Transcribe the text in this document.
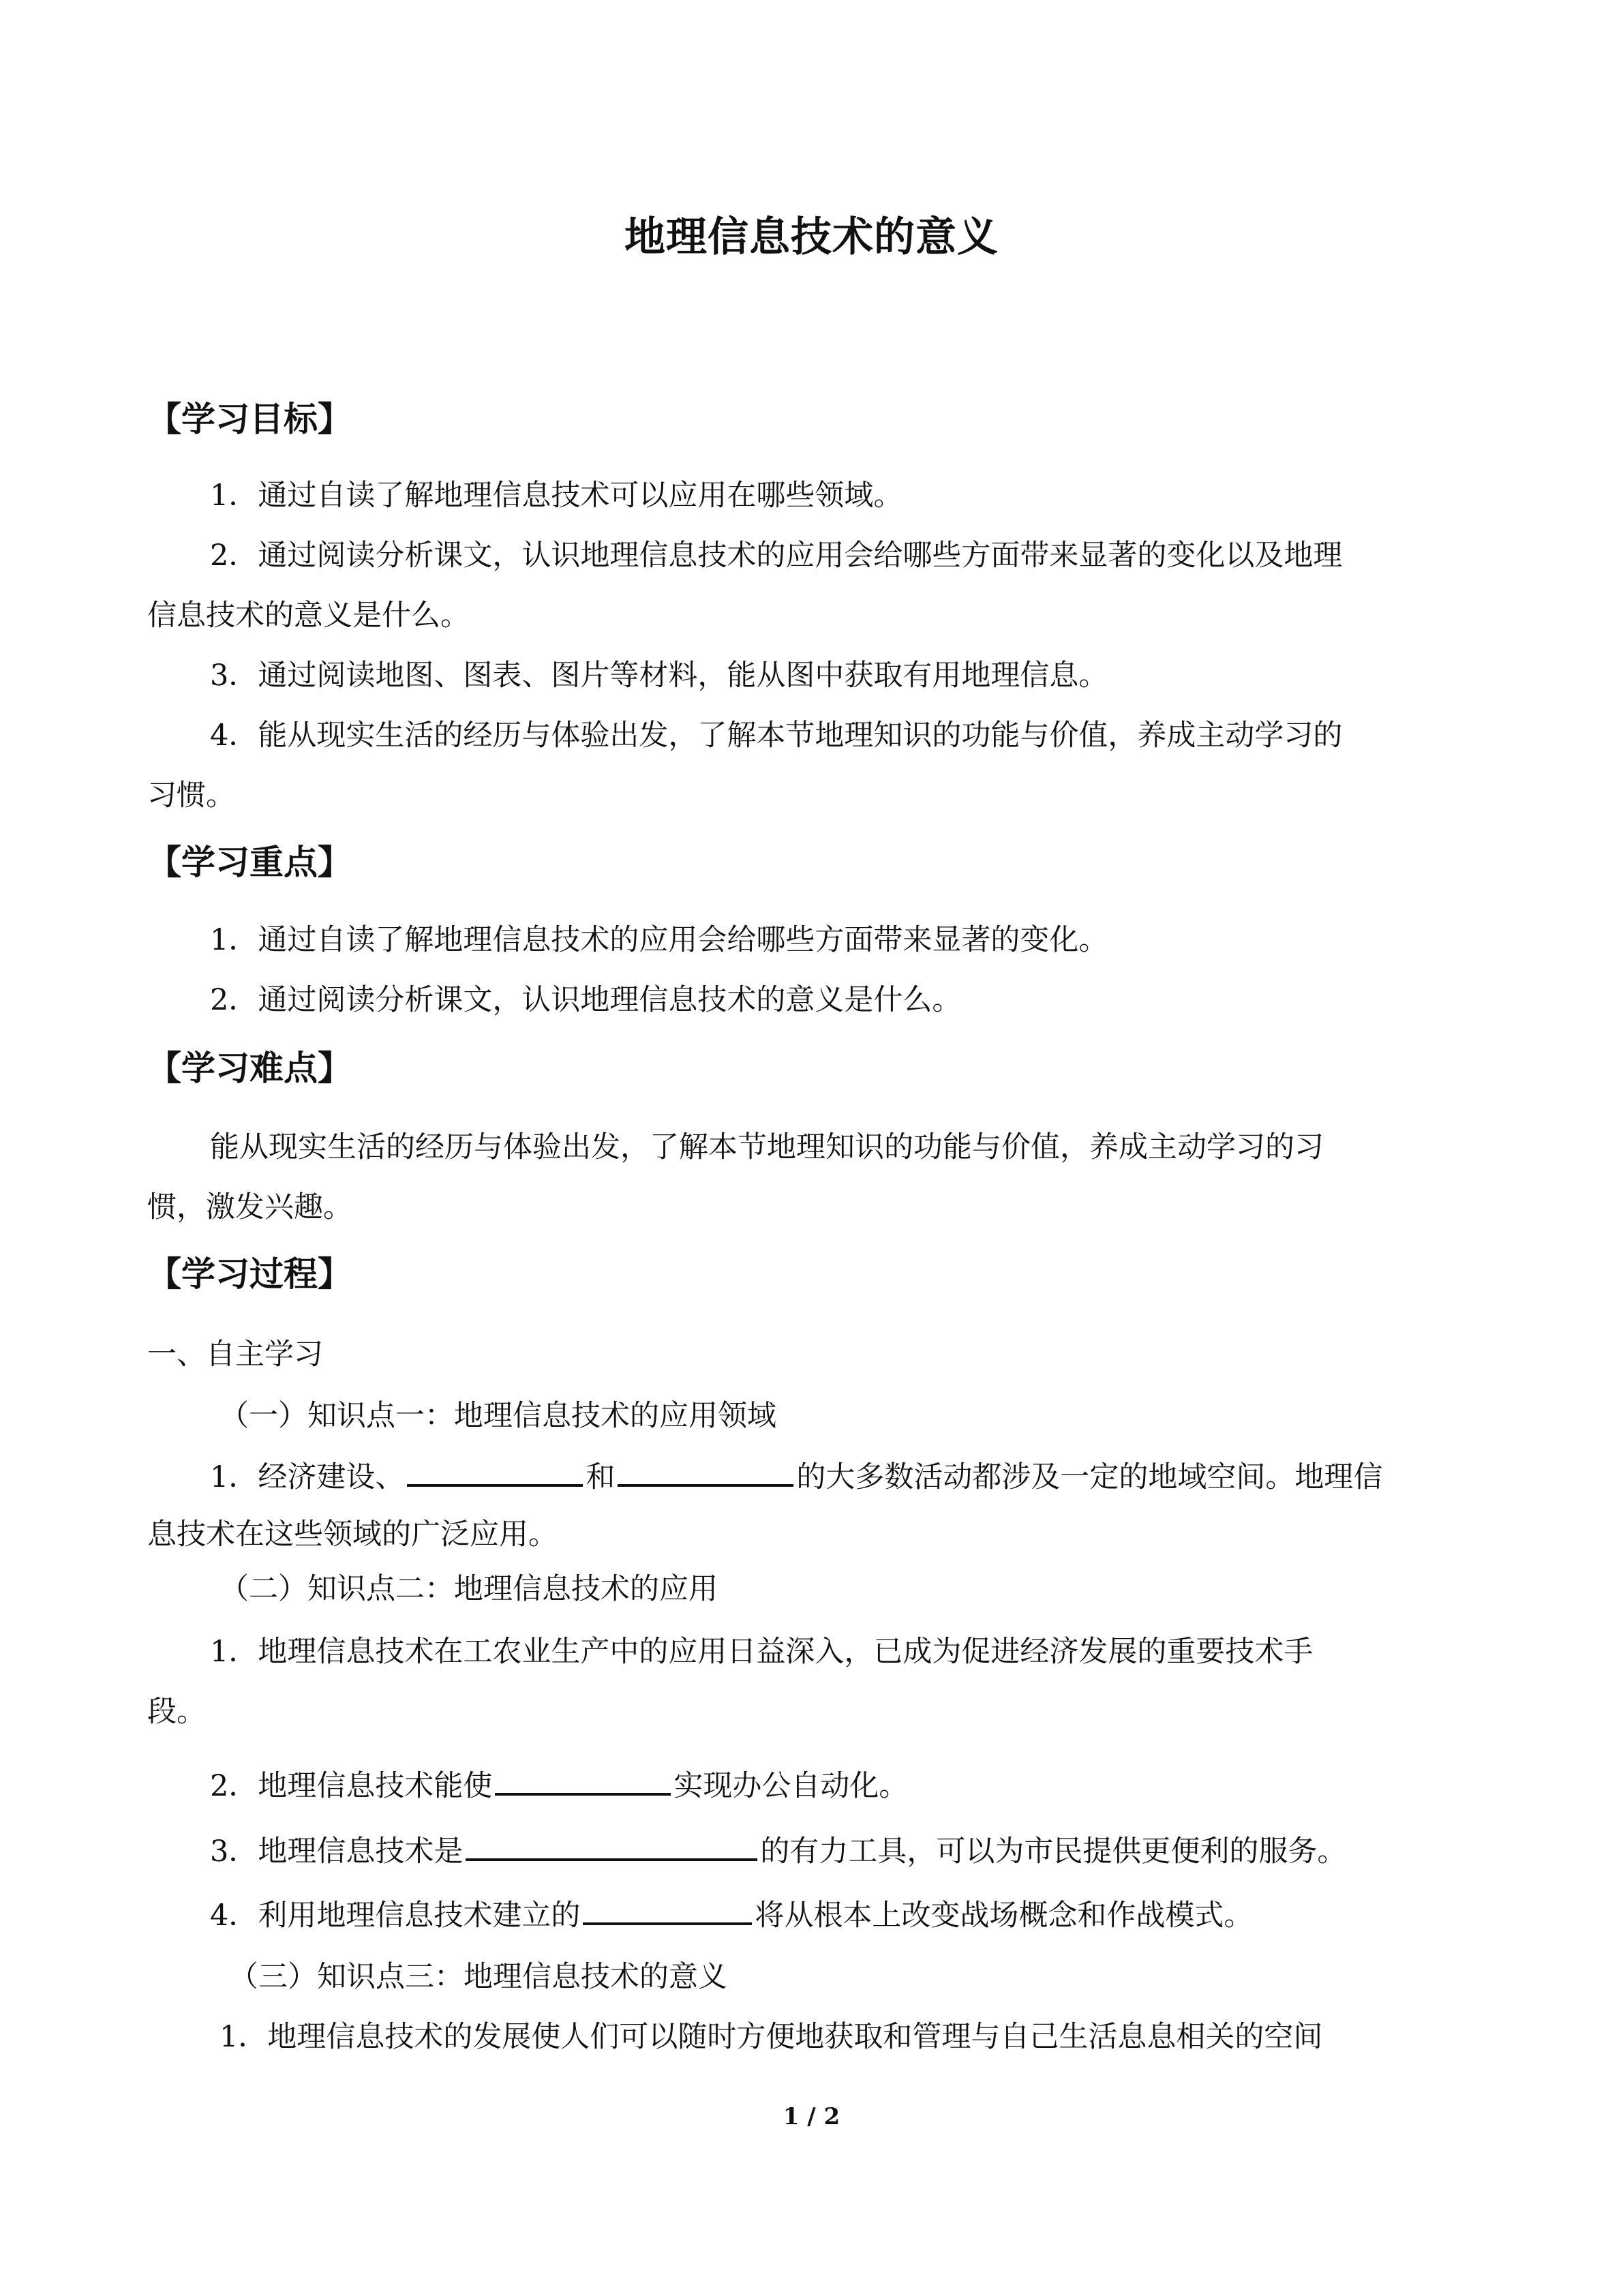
地理信息技术的意义
【学习目标】
1．通过自读了解地理信息技术可以应用在哪些领域。
2．通过阅读分析课文，认识地理信息技术的应用会给哪些方面带来显著的变化以及地理
信息技术的意义是什么。
3．通过阅读地图、图表、图片等材料，能从图中获取有用地理信息。
4．能从现实生活的经历与体验出发，了解本节地理知识的功能与价值，养成主动学习的
习惯。
【学习重点】
1．通过自读了解地理信息技术的应用会给哪些方面带来显著的变化。
2．通过阅读分析课文，认识地理信息技术的意义是什么。
【学习难点】
能从现实生活的经历与体验出发，了解本节地理知识的功能与价值，养成主动学习的习
惯，激发兴趣。
【学习过程】
一、自主学习
（一）知识点一：地理信息技术的应用领域
1．经济建设、	和	的大多数活动都涉及一定的地域空间。地理信
息技术在这些领域的广泛应用。
（二）知识点二：地理信息技术的应用
1．地理信息技术在工农业生产中的应用日益深入，已成为促进经济发展的重要技术手
段。
2．地理信息技术能使	实现办公自动化。
3．地理信息技术是	的有力工具，可以为市民提供更便利的服务。
4．利用地理信息技术建立的	将从根本上改变战场概念和作战模式。
（三）知识点三：地理信息技术的意义
1．地理信息技术的发展使人们可以随时方便地获取和管理与自己生活息息相关的空间
1 / 2
